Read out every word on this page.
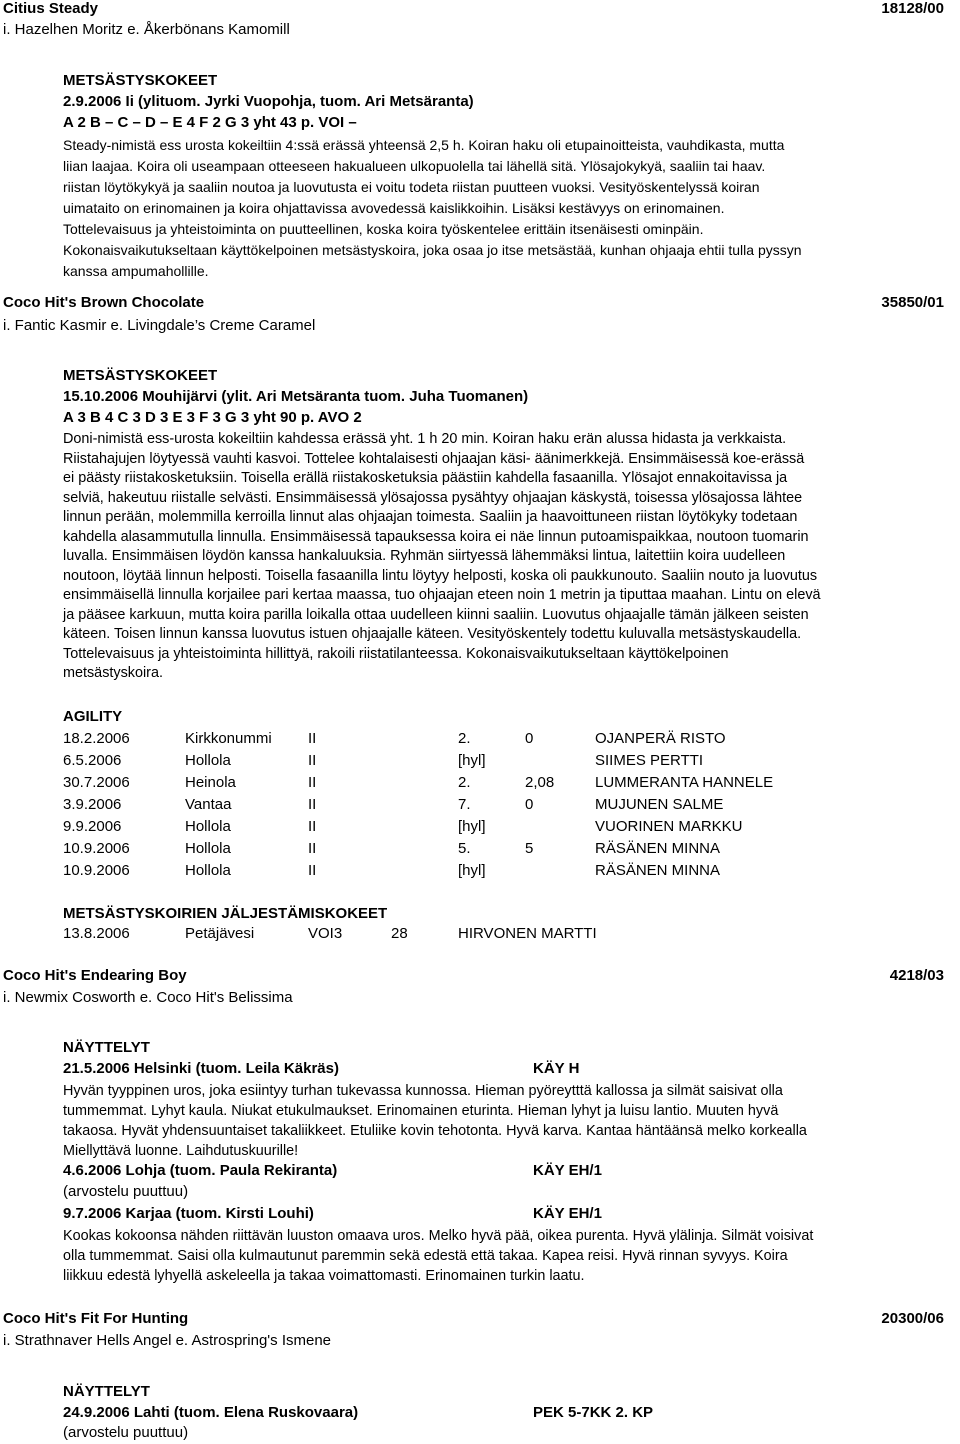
Citius Steady	18128/00
i. Hazelhen Moritz e. Åkerbönans Kamomill
METSÄSTYSKOKEET
2.9.2006 Ii (ylituom. Jyrki Vuopohja, tuom. Ari Metsäranta)
A 2 B – C – D – E 4 F 2 G 3 yht 43 p. VOI –
Steady-nimistä ess urosta kokeiltiin 4:ssä erässä yhteensä 2,5 h. Koiran haku oli etupainoitteista, vauhdikasta, mutta
liian laajaa. Koira oli useampaan otteeseen hakualueen ulkopuolella tai lähellä sitä. Ylösajokykyä, saaliin tai haav.
riistan löytökykyä ja saaliin noutoa ja luovutusta ei voitu todeta riistan puutteen vuoksi. Vesityöskentelyssä koiran
uimataito on erinomainen ja koira ohjattavissa avovedessä kaislikkoihin. Lisäksi kestävyys on erinomainen.
Tottelevaisuus ja yhteistoiminta on puutteellinen, koska koira työskentelee erittäin itsenäisesti ominpäin.
Kokonaisvaikutukseltaan käyttökelpoinen metsästyskoira, joka osaa jo itse metsästää, kunhan ohjaaja ehtii tulla pyssyn
kanssa ampumahollille.
Coco Hit's Brown Chocolate	35850/01
i. Fantic Kasmir e. Livingdale’s Creme Caramel
METSÄSTYSKOKEET
15.10.2006 Mouhijärvi (ylit. Ari Metsäranta tuom. Juha Tuomanen)
A 3 B 4 C 3 D 3 E 3 F 3 G 3 yht 90 p. AVO 2
Doni-nimistä ess-urosta kokeiltiin kahdessa erässä yht. 1 h 20 min. Koiran haku erän alussa hidasta ja verkkaista.
Riistahajujen löytyessä vauhti kasvoi. Tottelee kohtalaisesti ohjaajan käsi- äänimerkkejä. Ensimmäisessä koe-erässä
ei päästy riistakosketuksiin. Toisella erällä riistakosketuksia päästiin kahdella fasaanilla. Ylösajot ennakoitavissa ja
selviä, hakeutuu riistalle selvästi. Ensimmäisessä ylösajossa pysähtyy ohjaajan käskystä, toisessa ylösajossa lähtee
linnun perään, molemmilla kerroilla linnut alas ohjaajan toimesta. Saaliin ja haavoittuneen riistan löytökyky todetaan
kahdella alasammutulla linnulla. Ensimmäisessä tapauksessa koira ei näe linnun putoamispaikkaa, noutoon tuomarin
luvalla. Ensimmäisen löydön kanssa hankaluuksia. Ryhmän siirtyessä lähemmäksi lintua, laitettiin koira uudelleen
noutoon, löytää linnun helposti. Toisella fasaanilla lintu löytyy helposti, koska oli paukkunouto. Saaliin nouto ja luovutus
ensimmäisellä linnulla korjailee pari kertaa maassa, tuo ohjaajan eteen noin 1 metrin ja tiputtaa maahan. Lintu on elevä
ja pääsee karkuun, mutta koira parilla loikalla ottaa uudelleen kiinni saaliin. Luovutus ohjaajalle tämän jälkeen seisten
käteen. Toisen linnun kanssa luovutus istuen ohjaajalle käteen. Vesityöskentely todettu kuluvalla metsästyskaudella.
Tottelevaisuus ja yhteistoiminta hillittyä, rakoili riistatilanteessa. Kokonaisvaikutukseltaan käyttökelpoinen
metsästyskoira.
AGILITY
18.2.2006	Kirkkonummi II	2.	0	OJANPERÄ RISTO
6.5.2006	Hollola	II	[hyl]	SIIMES PERTTI
30.7.2006	Heinola	II	2.	2,08	LUMMERANTA HANNELE
3.9.2006	Vantaa	II	7.	0	MUJUNEN SALME
9.9.2006	Hollola	II	[hyl]	VUORINEN MARKKU
10.9.2006	Hollola	II	5.	5	RÄSÄNEN MINNA
10.9.2006	Hollola	II	[hyl]	RÄSÄNEN MINNA
METSÄSTYSKOIRIEN JÄLJESTÄMISKOKEET
13.8.2006	Petäjävesi	VOI3	28	HIRVONEN MARTTI
Coco Hit's Endearing Boy	4218/03
i. Newmix Cosworth e. Coco Hit's Belissima
NÄYTTELYT
21.5.2006 Helsinki (tuom. Leila Käkräs)	KÄY H
Hyvän tyyppinen uros, joka esiintyy turhan tukevassa kunnossa. Hieman pyöreytttä kallossa ja silmät saisivat olla
tummemmat. Lyhyt kaula. Niukat etukulmaukset. Erinomainen eturinta. Hieman lyhyt ja luisu lantio. Muuten hyvä
takaosa. Hyvät yhdensuuntaiset takaliikkeet. Etuliike kovin tehotonta. Hyvä karva. Kantaa häntäänsä melko korkealla
Miellyttävä luonne. Laihdutuskuurille!
4.6.2006 Lohja (tuom. Paula Rekiranta)	KÄY EH/1
(arvostelu puuttuu)
9.7.2006 Karjaa (tuom. Kirsti Louhi)	KÄY EH/1
Kookas kokoonsa nähden riittävän luuston omaava uros. Melko hyvä pää, oikea purenta. Hyvä ylälinja. Silmät voisivat
olla tummemmat. Saisi olla kulmautunut paremmin sekä edestä että takaa. Kapea reisi. Hyvä rinnan syvyys. Koira
liikkuu edestä lyhyellä askeleella ja takaa voimattomasti. Erinomainen turkin laatu.
Coco Hit's Fit For Hunting	20300/06
i. Strathnaver Hells Angel e. Astrospring's Ismene
NÄYTTELYT
24.9.2006 Lahti (tuom. Elena Ruskovaara)	PEK 5-7KK 2. KP
(arvostelu puuttuu)
